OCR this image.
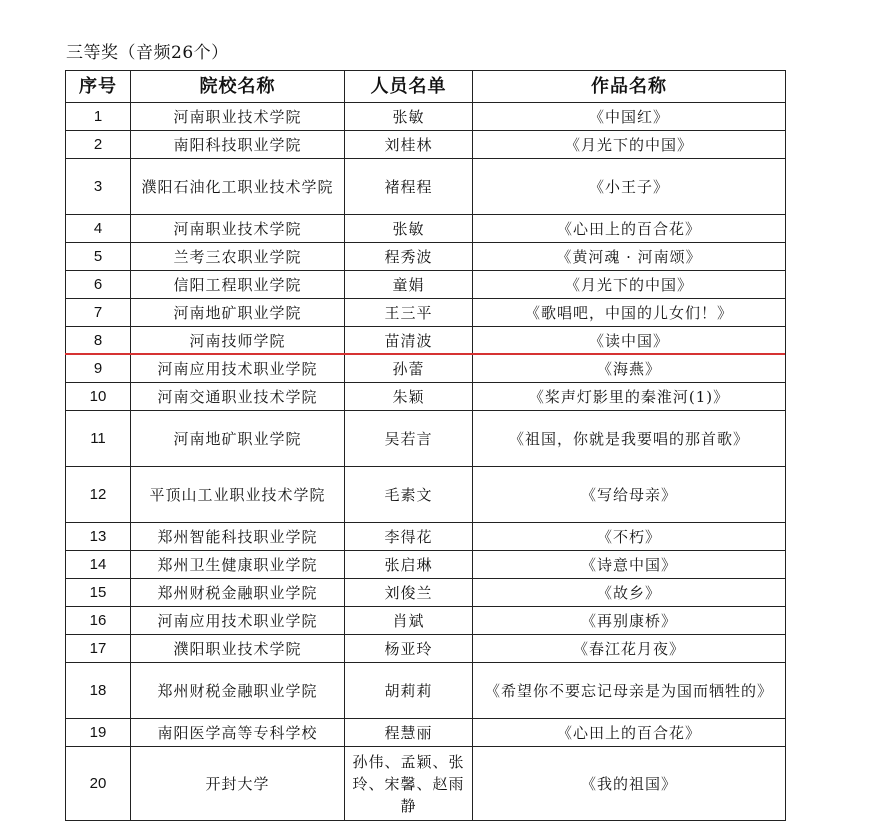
三等奖（音频26个）
序号	院校名称	人员名单	作品名称
1	河南职业技术学院	张敏	《中国红》
2	南阳科技职业学院	刘桂林	《月光下的中国》
3	濮阳石油化工职业技术学院	褚程程	《小王子》
4	河南职业技术学院	张敏	《心田上的百合花》
5	兰考三农职业学院	程秀波	《黄河魂 · 河南颂》
6	信阳工程职业学院	童娟	《月光下的中国》
7	河南地矿职业学院	王三平	《歌唱吧，中国的儿女们！》
8	河南技师学院	苗清波	《读中国》
9	河南应用技术职业学院	孙蕾	《海燕》
10	河南交通职业技术学院	朱颖	《桨声灯影里的秦淮河(1)》
11	河南地矿职业学院	吴若言	《祖国，你就是我要唱的那首歌》
12	平顶山工业职业技术学院	毛素文	《写给母亲》
13	郑州智能科技职业学院	李得花	《不朽》
14	郑州卫生健康职业学院	张启琳	《诗意中国》
15	郑州财税金融职业学院	刘俊兰	《故乡》
16	河南应用技术职业学院	肖斌	《再别康桥》
17	濮阳职业技术学院	杨亚玲	《春江花月夜》
18	郑州财税金融职业学院	胡莉莉	《希望你不要忘记母亲是为国而牺牲的》
19	南阳医学高等专科学校	程慧丽	《心田上的百合花》
20	开封大学	孙伟、孟颖、张玲、宋馨、赵雨静	《我的祖国》
